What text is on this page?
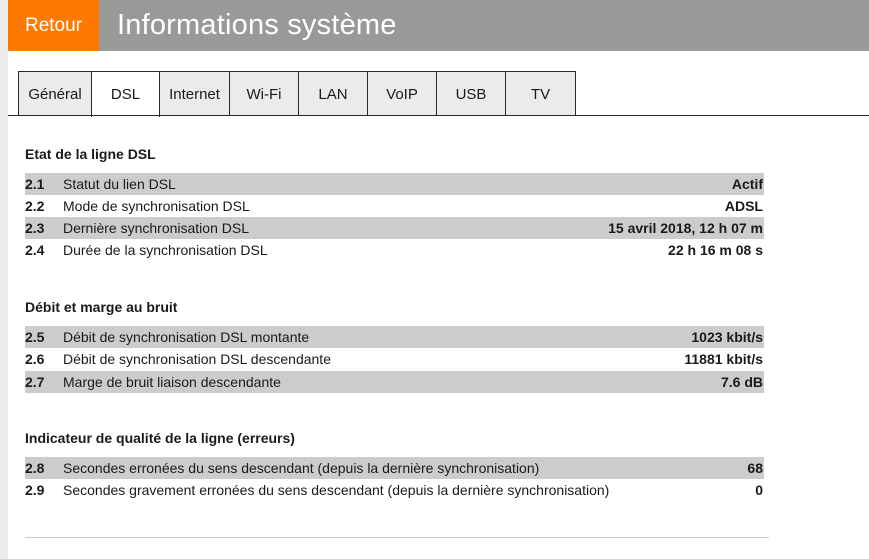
Retour	Informations système
Général	DSL	Internet	Wi-Fi	LAN	VoIP	USB	TV
Etat de la ligne DSL
2.1	Statut du lien DSL	Actif
2.2	Mode de synchronisation DSL	ADSL
2.3	Dernière synchronisation DSL	15 avril 2018, 12 h 07 m
2.4	Durée de la synchronisation DSL	22 h 16 m 08 s
Débit et marge au bruit
2.5	Débit de synchronisation DSL montante	1023 kbit/s
2.6	Débit de synchronisation DSL descendante	11881 kbit/s
2.7	Marge de bruit liaison descendante	7.6 dB
Indicateur de qualité de la ligne (erreurs)
2.8	Secondes erronées du sens descendant (depuis la dernière synchronisation)	68
2.9	Secondes gravement erronées du sens descendant (depuis la dernière synchronisation)	0
